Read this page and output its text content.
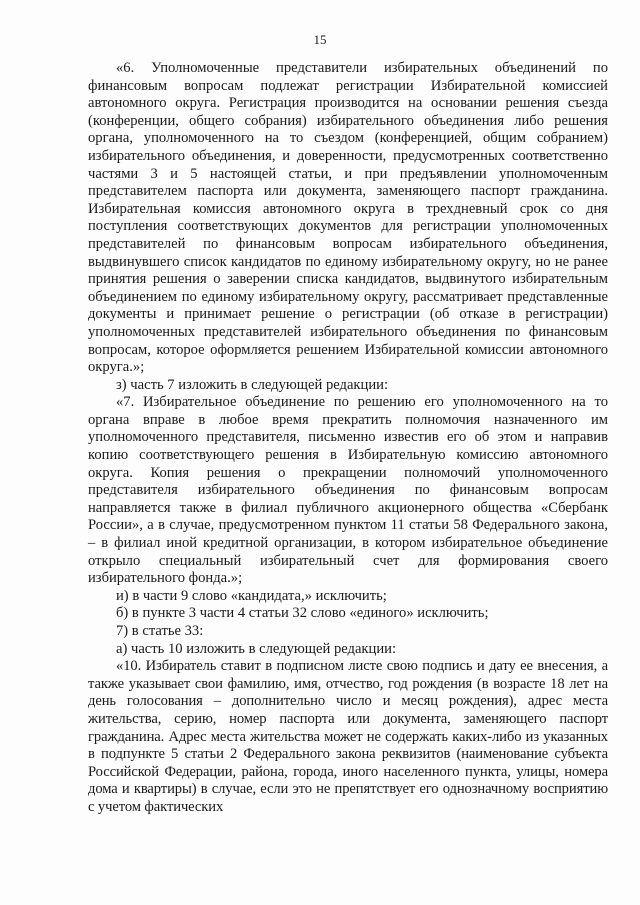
15

«6. Уполномоченные представители избирательных объединений по финансовым вопросам подлежат регистрации Избирательной комиссией автономного округа. Регистрация производится на основании решения съезда (конференции, общего собрания) избирательного объединения либо решения органа, уполномоченного на то съездом (конференцией, общим собранием) избирательного объединения, и доверенности, предусмотренных соответственно частями 3 и 5 настоящей статьи, и при предъявлении уполномоченным представителем паспорта или документа, заменяющего паспорт гражданина. Избирательная комиссия автономного округа в трехдневный срок со дня поступления соответствующих документов для регистрации уполномоченных представителей по финансовым вопросам избирательного объединения, выдвинувшего список кандидатов по единому избирательному округу, но не ранее принятия решения о заверении списка кандидатов, выдвинутого избирательным объединением по единому избирательному округу, рассматривает представленные документы и принимает решение о регистрации (об отказе в регистрации) уполномоченных представителей избирательного объединения по финансовым вопросам, которое оформляется решением Избирательной комиссии автономного округа.»;

з) часть 7 изложить в следующей редакции:

«7. Избирательное объединение по решению его уполномоченного на то органа вправе в любое время прекратить полномочия назначенного им уполномоченного представителя, письменно известив его об этом и направив копию соответствующего решения в Избирательную комиссию автономного округа. Копия решения о прекращении полномочий уполномоченного представителя избирательного объединения по финансовым вопросам направляется также в филиал публичного акционерного общества «Сбербанк России», а в случае, предусмотренном пунктом 11 статьи 58 Федерального закона, – в филиал иной кредитной организации, в котором избирательное объединение открыло специальный избирательный счет для формирования своего избирательного фонда.»;

и) в части 9 слово «кандидата,» исключить;

б) в пункте 3 части 4 статьи 32 слово «единого» исключить;

7) в статье 33:

а) часть 10 изложить в следующей редакции:

«10. Избиратель ставит в подписном листе свою подпись и дату ее внесения, а также указывает свои фамилию, имя, отчество, год рождения (в возрасте 18 лет на день голосования – дополнительно число и месяц рождения), адрес места жительства, серию, номер паспорта или документа, заменяющего паспорт гражданина. Адрес места жительства может не содержать каких-либо из указанных в подпункте 5 статьи 2 Федерального закона реквизитов (наименование субъекта Российской Федерации, района, города, иного населенного пункта, улицы, номера дома и квартиры) в случае, если это не препятствует его однозначному восприятию с учетом фактических
